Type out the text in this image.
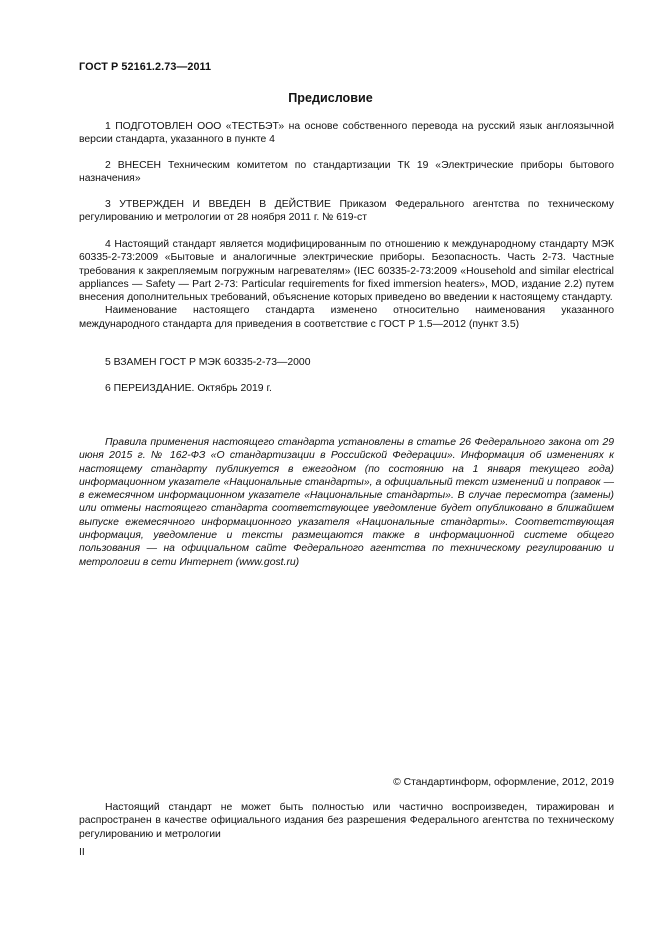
ГОСТ Р 52161.2.73—2011
Предисловие
1 ПОДГОТОВЛЕН ООО «ТЕСТБЭТ» на основе собственного перевода на русский язык англоязычной версии стандарта, указанного в пункте 4
2 ВНЕСЕН Техническим комитетом по стандартизации ТК 19 «Электрические приборы бытового назначения»
3 УТВЕРЖДЕН И ВВЕДЕН В ДЕЙСТВИЕ Приказом Федерального агентства по техническому регулированию и метрологии от 28 ноября 2011 г. № 619-ст
4 Настоящий стандарт является модифицированным по отношению к международному стандарту МЭК 60335-2-73:2009 «Бытовые и аналогичные электрические приборы. Безопасность. Часть 2-73. Частные требования к закрепляемым погружным нагревателям» (IEC 60335-2-73:2009 «Household and similar electrical appliances — Safety — Part 2-73: Particular requirements for fixed immersion heaters», MOD, издание 2.2) путем внесения дополнительных требований, объяснение которых приведено во введении к настоящему стандарту.
Наименование настоящего стандарта изменено относительно наименования указанного международного стандарта для приведения в соответствие с ГОСТ Р 1.5—2012 (пункт 3.5)
5 ВЗАМЕН ГОСТ Р МЭК 60335-2-73—2000
6 ПЕРЕИЗДАНИЕ. Октябрь 2019 г.
Правила применения настоящего стандарта установлены в статье 26 Федерального закона от 29 июня 2015 г. № 162-ФЗ «О стандартизации в Российской Федерации». Информация об изменениях к настоящему стандарту публикуется в ежегодном (по состоянию на 1 января текущего года) информационном указателе «Национальные стандарты», а официальный текст изменений и поправок — в ежемесячном информационном указателе «Национальные стандарты». В случае пересмотра (замены) или отмены настоящего стандарта соответствующее уведомление будет опубликовано в ближайшем выпуске ежемесячного информационного указателя «Национальные стандарты». Соответствующая информация, уведомление и тексты размещаются также в информационной системе общего пользования — на официальном сайте Федерального агентства по техническому регулированию и метрологии в сети Интернет (www.gost.ru)
© Стандартинформ, оформление, 2012, 2019
Настоящий стандарт не может быть полностью или частично воспроизведен, тиражирован и распространен в качестве официального издания без разрешения Федерального агентства по техническому регулированию и метрологии
II
